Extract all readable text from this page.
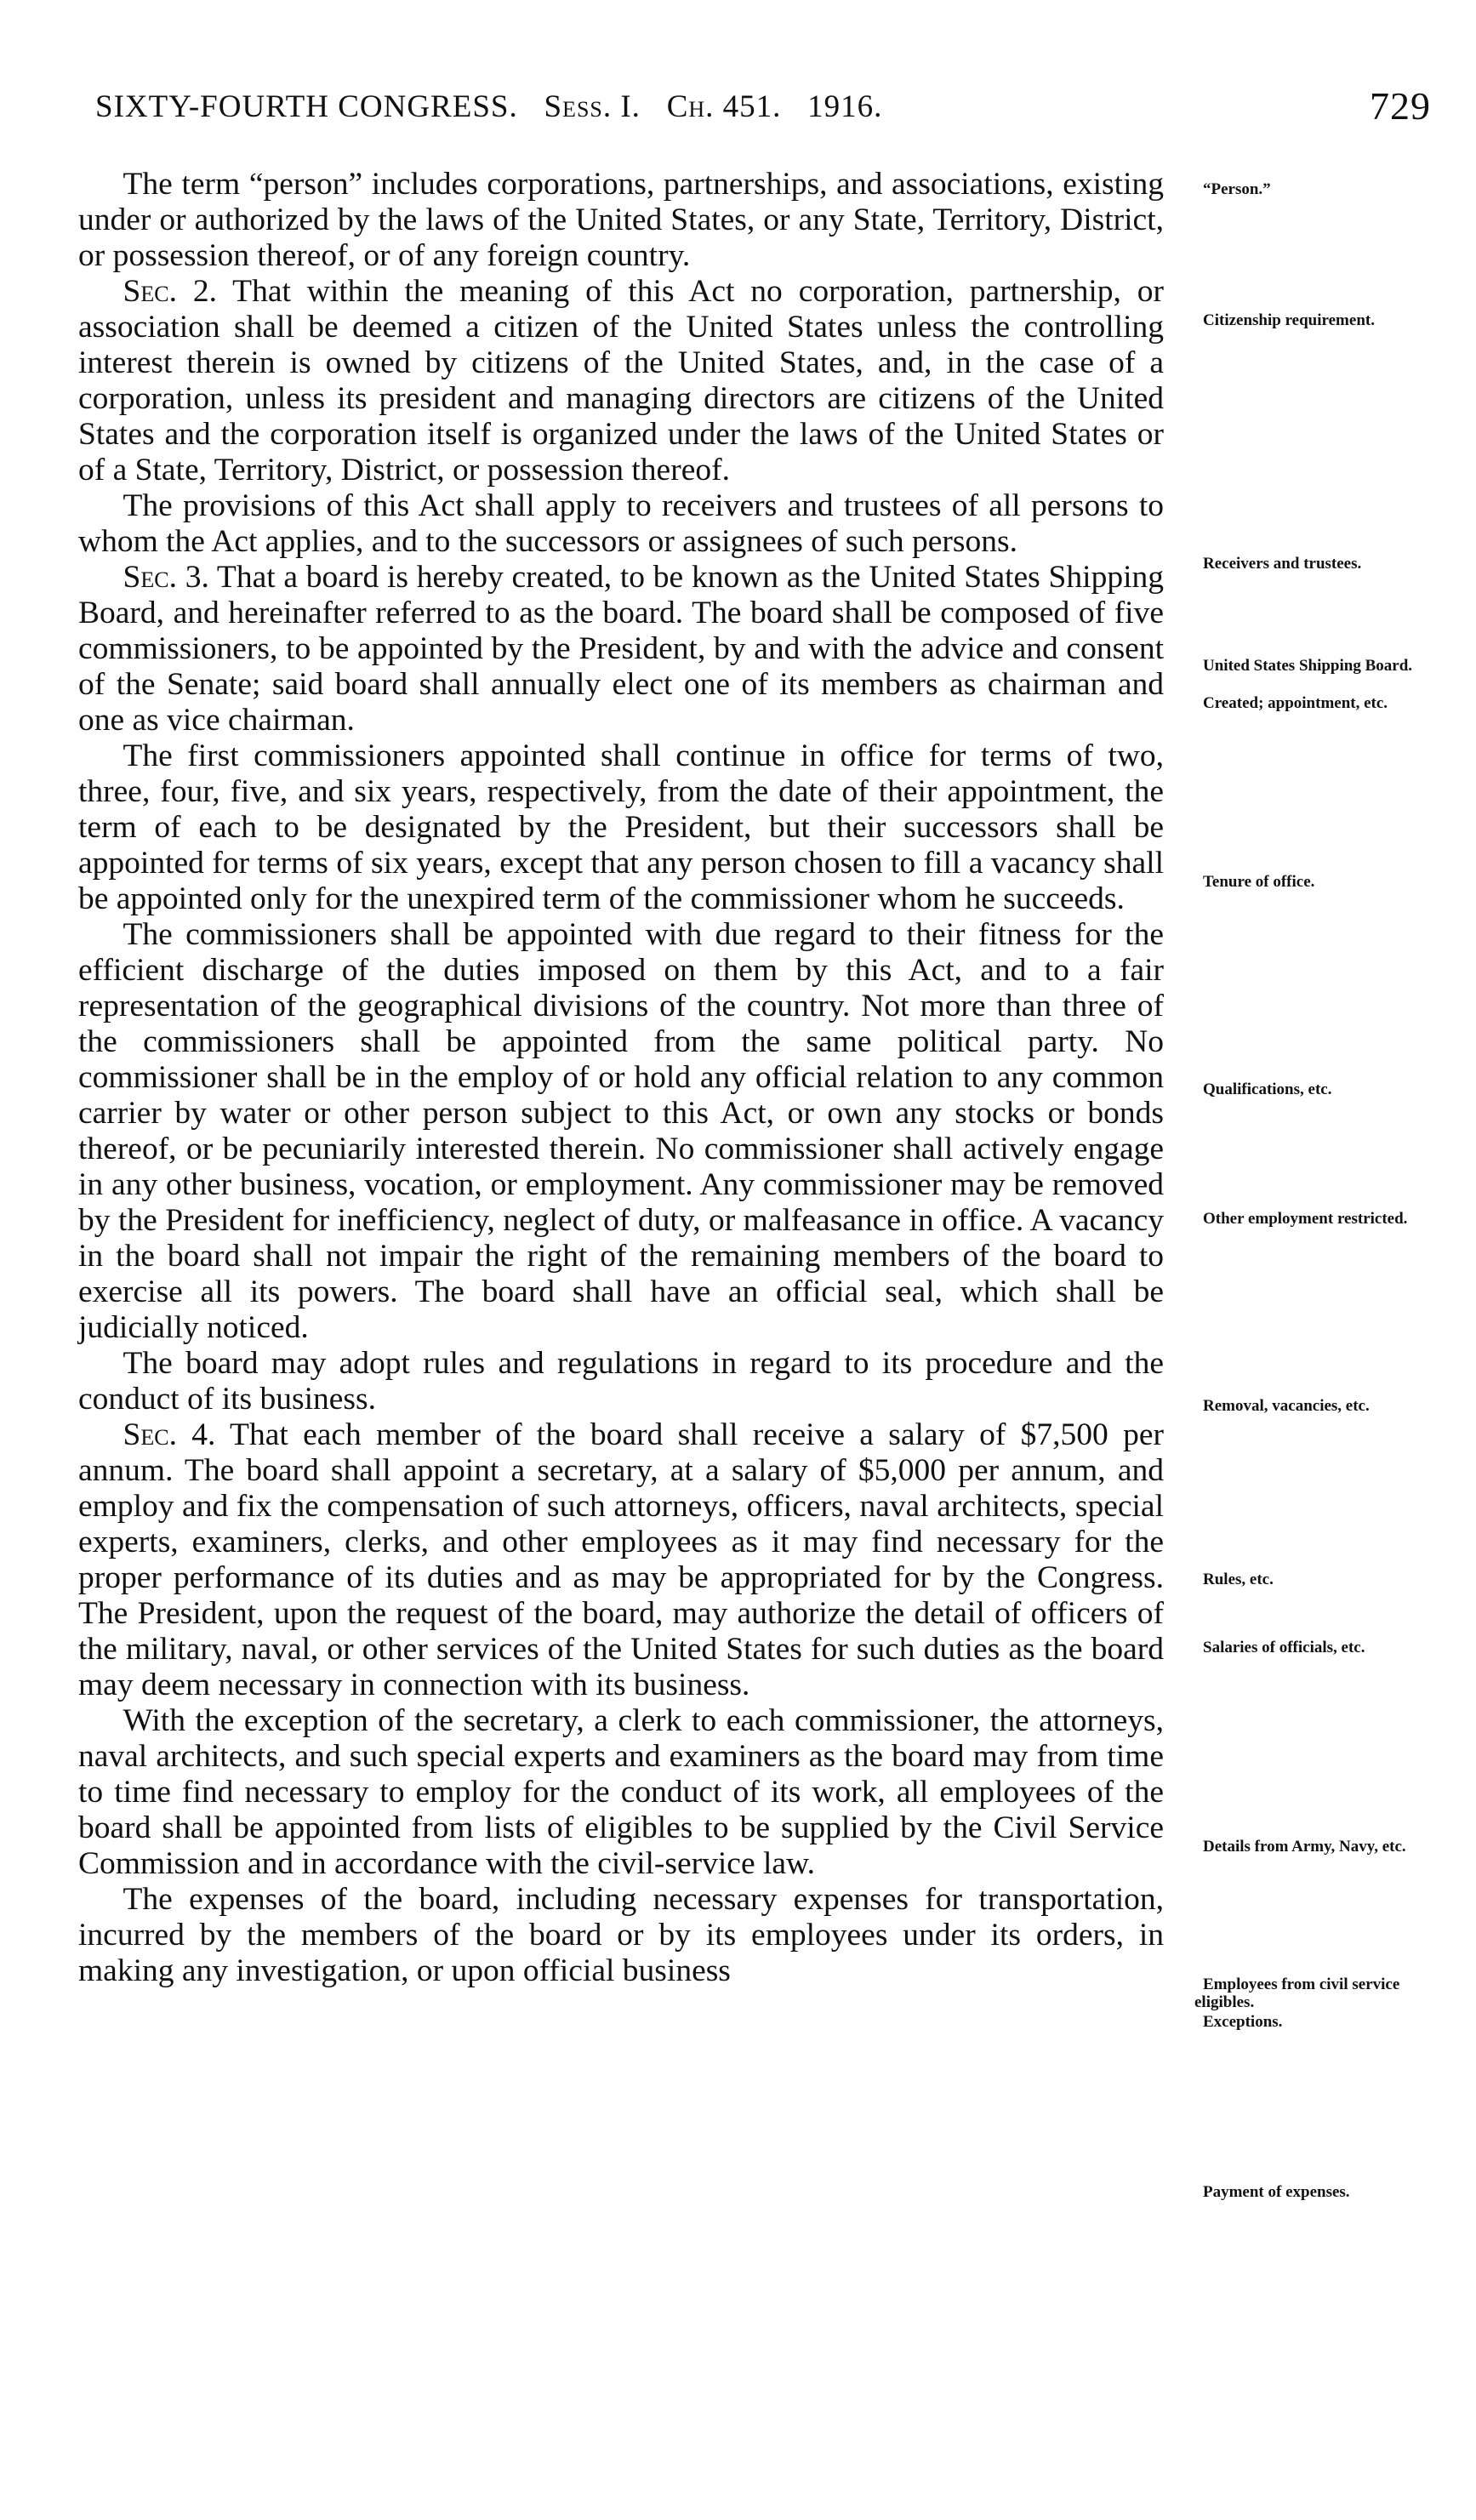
SIXTY-FOURTH CONGRESS. Sess. I. Ch. 451. 1916.	729

The term “person” includes corporations, partnerships, and associations, existing under or authorized by the laws of the United States, or any State, Territory, District, or possession thereof, or of any foreign country.

Sec. 2. That within the meaning of this Act no corporation, partnership, or association shall be deemed a citizen of the United States unless the controlling interest therein is owned by citizens of the United States, and, in the case of a corporation, unless its president and managing directors are citizens of the United States and the corporation itself is organized under the laws of the United States or of a State, Territory, District, or possession thereof.

The provisions of this Act shall apply to receivers and trustees of all persons to whom the Act applies, and to the successors or assignees of such persons.

Sec. 3. That a board is hereby created, to be known as the United States Shipping Board, and hereinafter referred to as the board. The board shall be composed of five commissioners, to be appointed by the President, by and with the advice and consent of the Senate; said board shall annually elect one of its members as chairman and one as vice chairman.

The first commissioners appointed shall continue in office for terms of two, three, four, five, and six years, respectively, from the date of their appointment, the term of each to be designated by the President, but their successors shall be appointed for terms of six years, except that any person chosen to fill a vacancy shall be appointed only for the unexpired term of the commissioner whom he succeeds.

The commissioners shall be appointed with due regard to their fitness for the efficient discharge of the duties imposed on them by this Act, and to a fair representation of the geographical divisions of the country. Not more than three of the commissioners shall be appointed from the same political party. No commissioner shall be in the employ of or hold any official relation to any common carrier by water or other person subject to this Act, or own any stocks or bonds thereof, or be pecuniarily interested therein. No commissioner shall actively engage in any other business, vocation, or employment. Any commissioner may be removed by the President for inefficiency, neglect of duty, or malfeasance in office. A vacancy in the board shall not impair the right of the remaining members of the board to exercise all its powers. The board shall have an official seal, which shall be judicially noticed.

The board may adopt rules and regulations in regard to its procedure and the conduct of its business.

Sec. 4. That each member of the board shall receive a salary of $7,500 per annum. The board shall appoint a secretary, at a salary of $5,000 per annum, and employ and fix the compensation of such attorneys, officers, naval architects, special experts, examiners, clerks, and other employees as it may find necessary for the proper performance of its duties and as may be appropriated for by the Congress. The President, upon the request of the board, may authorize the detail of officers of the military, naval, or other services of the United States for such duties as the board may deem necessary in connection with its business.

With the exception of the secretary, a clerk to each commissioner, the attorneys, naval architects, and such special experts and examiners as the board may from time to time find necessary to employ for the conduct of its work, all employees of the board shall be appointed from lists of eligibles to be supplied by the Civil Service Commission and in accordance with the civil-service law.

The expenses of the board, including necessary expenses for transportation, incurred by the members of the board or by its employees under its orders, in making any investigation, or upon official business

“Person.”
Citizenship requirement.
Receivers and trustees.
United States Shipping Board.
Created; appointment, etc.
Tenure of office.
Qualifications, etc.
Other employment restricted.
Removal, vacancies, etc.
Rules, etc.
Salaries of officials, etc.
Details from Army, Navy, etc.
Employees from civil service eligibles.
Exceptions.
Payment of expenses.
